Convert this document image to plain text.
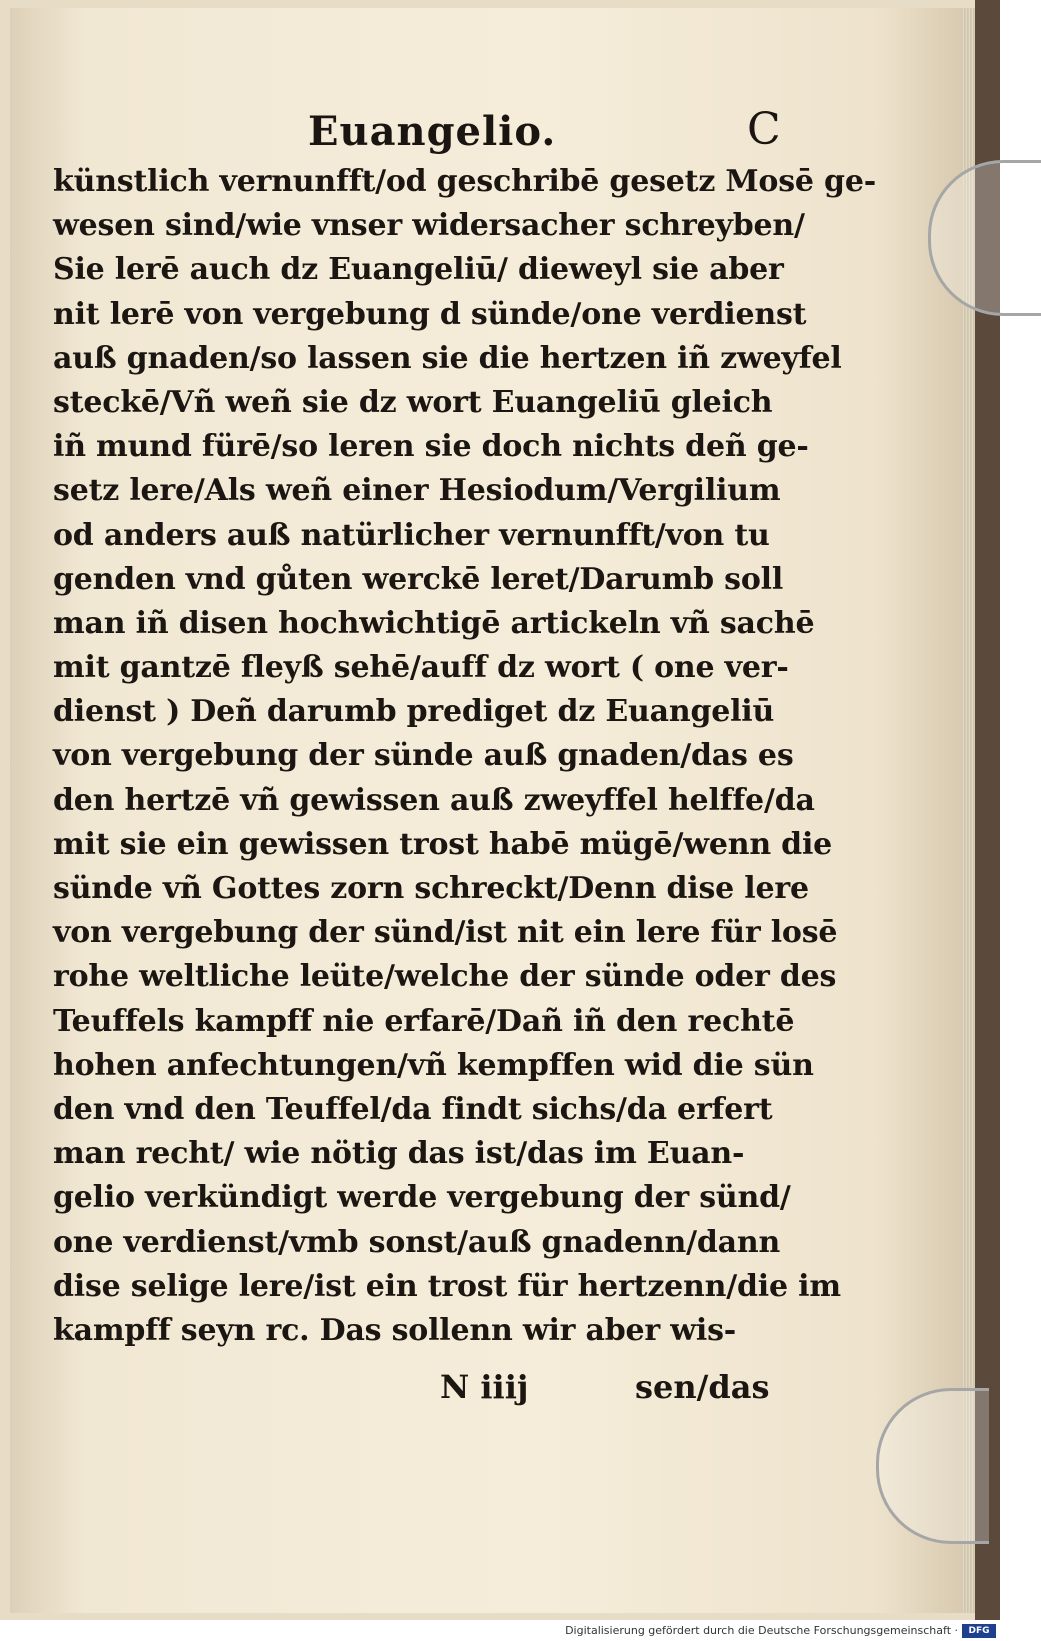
Euangelio.	C
künstlich vernunfft/od geschribē gesetz Mosē ge-
wesen sind/wie vnser widersacher schreyben/
Sie lerē auch dz Euangeliū/ dieweyl sie aber
nit lerē von vergebung d sünde/one verdienst
auß gnaden/so lassen sie die hertzen iñ zweyfel
steckē/Vñ weñ sie dz wort Euangeliū gleich
iñ mund fürē/so leren sie doch nichts deñ ge-
setz lere/Als weñ einer Hesiodum/Vergilium
od anders auß natürlicher vernunfft/von tu
genden vnd gůten werckē leret/Darumb soll
man iñ disen hochwichtigē artickeln vñ sachē
mit gantzē fleyß sehē/auff dz wort ( one ver-
dienst ) Deñ darumb prediget dz Euangeliū
von vergebung der sünde auß gnaden/das es
den hertzē vñ gewissen auß zweyffel helffe/da
mit sie ein gewissen trost habē mügē/wenn die
sünde vñ Gottes zorn schreckt/Denn dise lere
von vergebung der sünd/ist nit ein lere für losē
rohe weltliche leüte/welche der sünde oder des
Teuffels kampff nie erfarē/Dañ iñ den rechtē
hohen anfechtungen/vñ kempffen wid die sün
den vnd den Teuffel/da findt sichs/da erfert
man recht/ wie nötig das ist/das im Euan-
gelio verkündigt werde vergebung der sünd/
one verdienst/vmb sonst/auß gnadenn/dann
dise selige lere/ist ein trost für hertzenn/die im
kampff seyn rc. Das sollenn wir aber wis-
N iiij	sen/das
Digitalisierung gefördert durch die Deutsche Forschungsgemeinschaft ·	DFG
